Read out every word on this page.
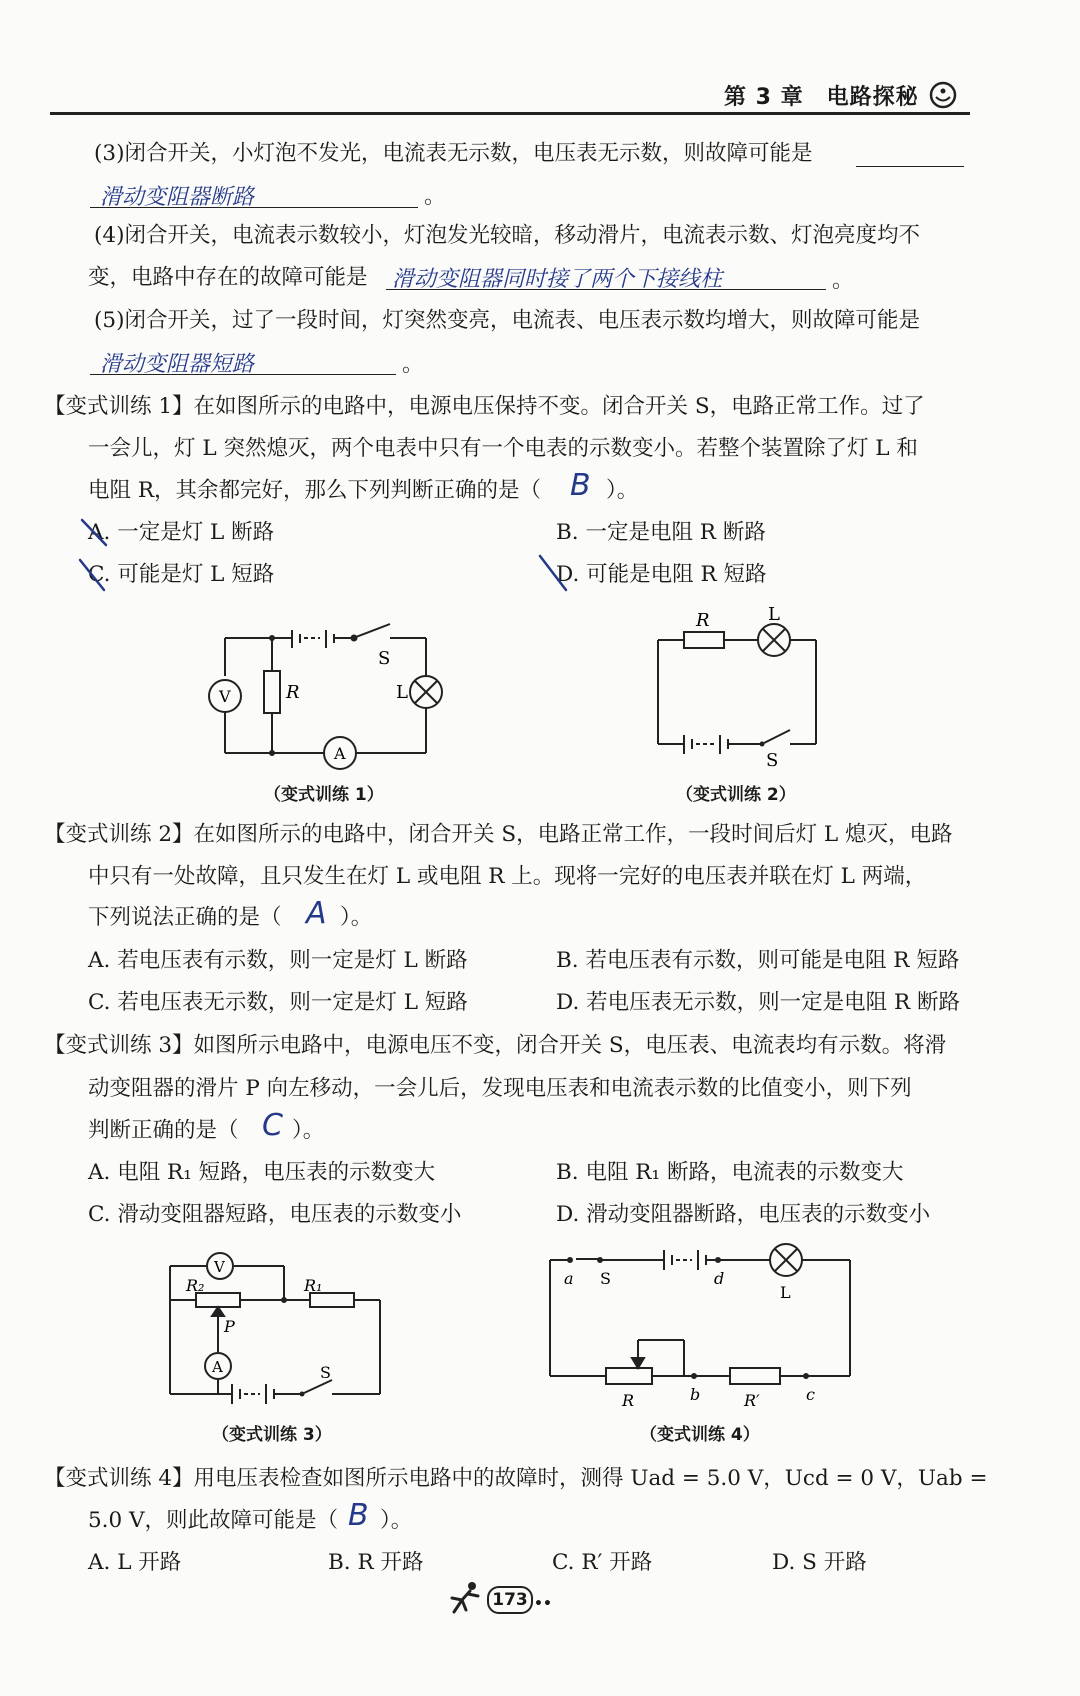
第 3 章　电路探秘
(3)闭合开关，小灯泡不发光，电流表无示数，电压表无示数，则故障可能是
滑动变阻器断路	。
(4)闭合开关，电流表示数较小，灯泡发光较暗，移动滑片，电流表示数、灯泡亮度均不
变，电路中存在的故障可能是 滑动变阻器同时接了两个下接线柱	。
(5)闭合开关，过了一段时间，灯突然变亮，电流表、电压表示数均增大，则故障可能是
滑动变阻器短路	。
【变式训练 1】在如图所示的电路中，电源电压保持不变。闭合开关 S，电路正常工作。过了
一会儿，灯 L 突然熄灭，两个电表中只有一个电表的示数变小。若整个装置除了灯 L 和
电阻 R，其余都完好，那么下列判断正确的是（ B ）。
A. 一定是灯 L 断路	B. 一定是电阻 R 断路
C. 可能是灯 L 短路	D. 可能是电阻 R 短路
S
R	L
V
A
（变式训练 1）
R	L
S
（变式训练 2）
【变式训练 2】在如图所示的电路中，闭合开关 S，电路正常工作，一段时间后灯 L 熄灭，电路
中只有一处故障，且只发生在灯 L 或电阻 R 上。现将一完好的电压表并联在灯 L 两端，
下列说法正确的是（ A ）。
A. 若电压表有示数，则一定是灯 L 断路	B. 若电压表有示数，则可能是电阻 R 短路
C. 若电压表无示数，则一定是灯 L 短路	D. 若电压表无示数，则一定是电阻 R 断路
【变式训练 3】如图所示电路中，电源电压不变，闭合开关 S，电压表、电流表均有示数。将滑
动变阻器的滑片 P 向左移动，一会儿后，发现电压表和电流表示数的比值变小，则下列
判断正确的是（ C ）。
A. 电阻 R₁ 短路，电压表的示数变大	B. 电阻 R₁ 断路，电流表的示数变大
C. 滑动变阻器短路，电压表的示数变小	D. 滑动变阻器断路，电压表的示数变小
V
R₂	R₁
P
A	S
（变式训练 3）
a S	d
L
R	b	R′	c
（变式训练 4）
【变式训练 4】用电压表检查如图所示电路中的故障时，测得 Uad = 5.0 V，Ucd = 0 V，Uab =
5.0 V，则此故障可能是（ B ）。
A. L 开路	B. R 开路	C. R′ 开路	D. S 开路
173 ••
